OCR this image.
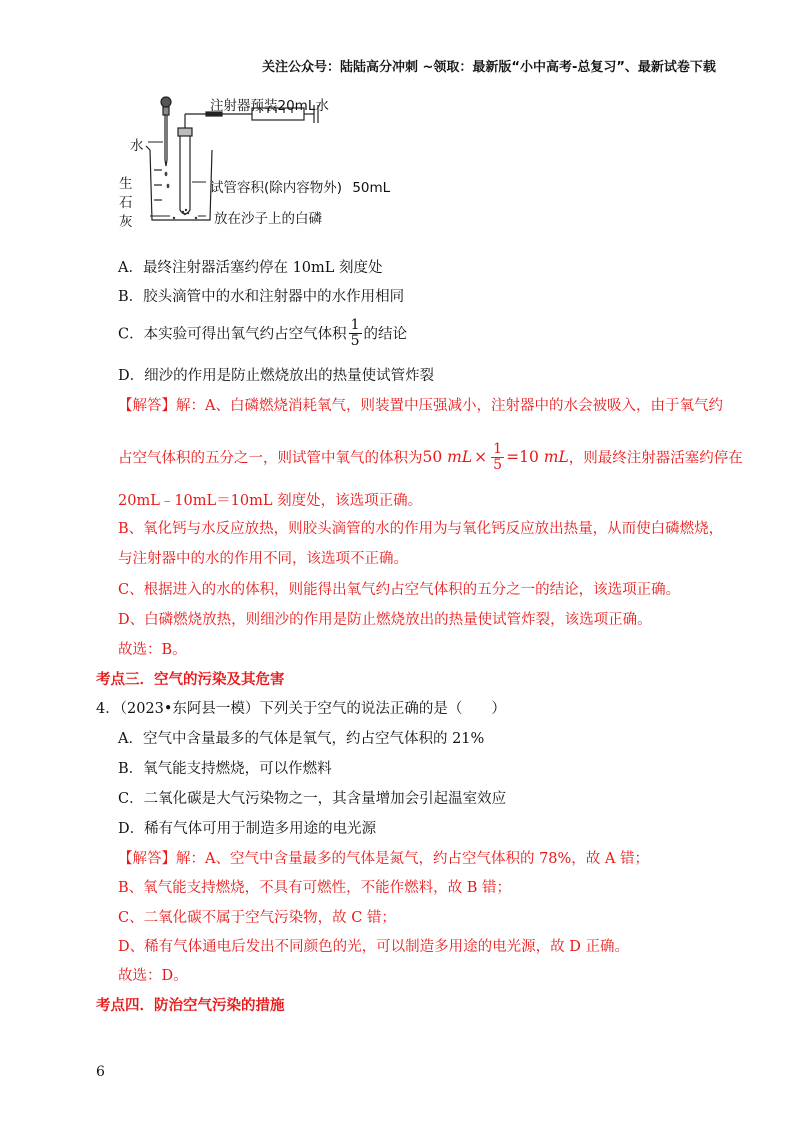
关注公众号：陆陆高分冲刺 ~领取：最新版“小中高考-总复习”、最新试卷下载
注射器预装20mL水
水
生
石
灰
试管容积(除内容物外) 50mL
放在沙子上的白磷
A．最终注射器活塞约停在 10mL 刻度处
B．胶头滴管中的水和注射器中的水作用相同
C．本实验可得出氧气约占空气体积 $\frac{1}{5}$ 的结论
D．细沙的作用是防止燃烧放出的热量使试管炸裂
【解答】解：A、白磷燃烧消耗氧气，则装置中压强减小，注射器中的水会被吸入，由于氧气约
占空气体积的五分之一，则试管中氧气的体积为50 mL × $\frac{1}{5} =10$ mL，则最终注射器活塞约停在
20mL﹣10mL＝10mL 刻度处，该选项正确。
B、氧化钙与水反应放热，则胶头滴管的水的作用为与氧化钙反应放出热量，从而使白磷燃烧，
与注射器中的水的作用不同，该选项不正确。
C、根据进入的水的体积，则能得出氧气约占空气体积的五分之一的结论，该选项正确。
D、白磷燃烧放热，则细沙的作用是防止燃烧放出的热量使试管炸裂，该选项正确。
故选：B。
考点三．空气的污染及其危害
4．（2023•东阿县一模）下列关于空气的说法正确的是（　　）
A．空气中含量最多的气体是氧气，约占空气体积的 21%
B．氧气能支持燃烧，可以作燃料
C．二氧化碳是大气污染物之一，其含量增加会引起温室效应
D．稀有气体可用于制造多用途的电光源
【解答】解：A、空气中含量最多的气体是氮气，约占空气体积的 78%，故 A 错；
B、氧气能支持燃烧，不具有可燃性，不能作燃料，故 B 错；
C、二氧化碳不属于空气污染物，故 C 错；
D、稀有气体通电后发出不同颜色的光，可以制造多用途的电光源，故 D 正确。
故选：D。
考点四．防治空气污染的措施
6
